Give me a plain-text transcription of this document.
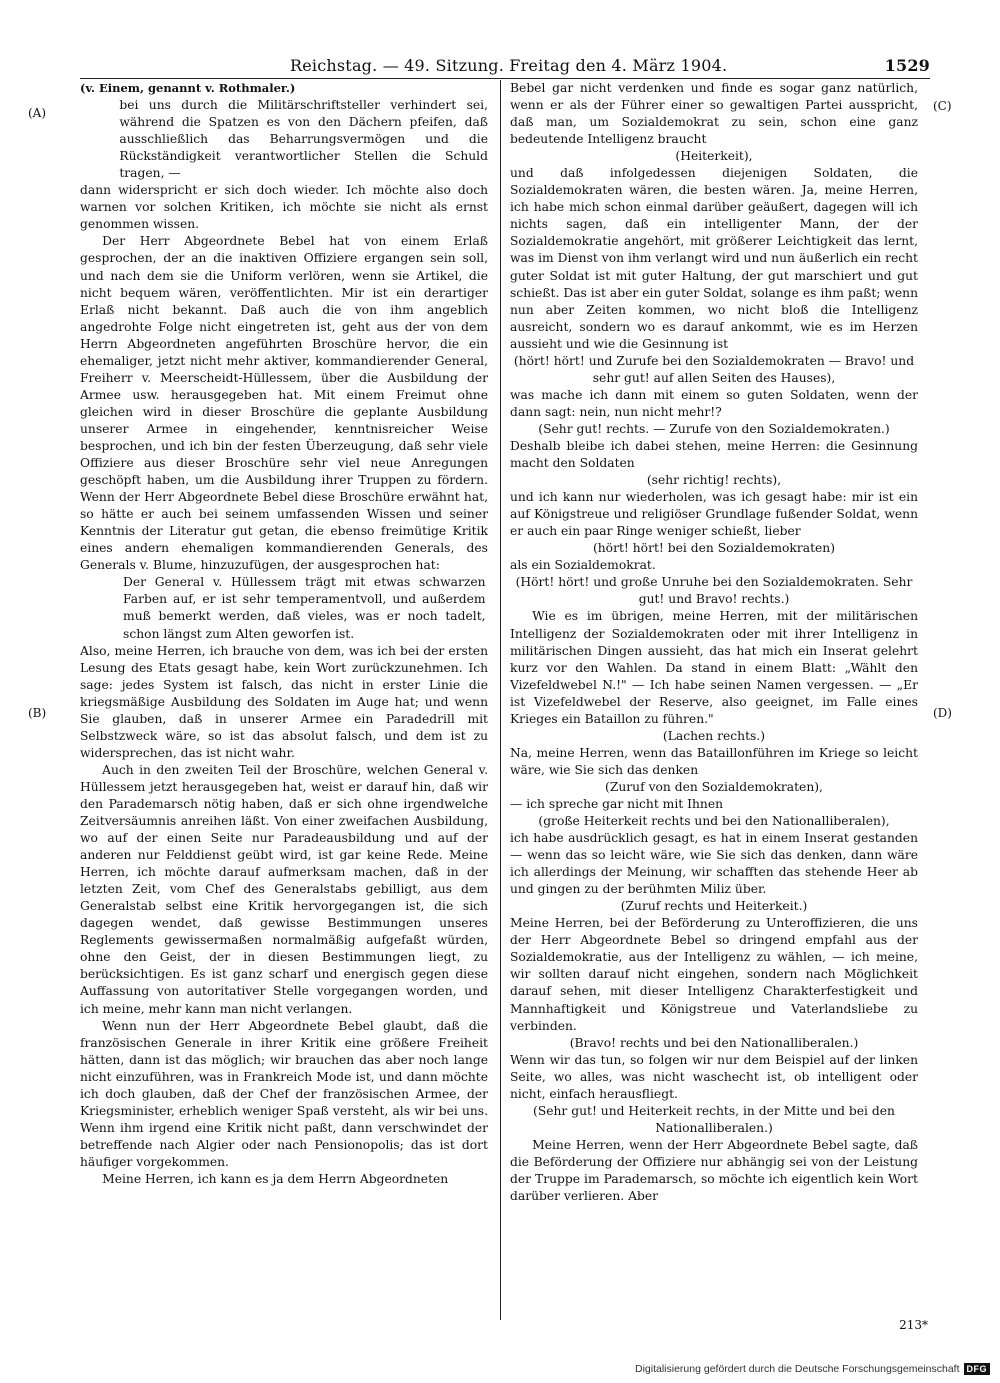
Reichstag. — 49. Sitzung. Freitag den 4. März 1904.	1529
(A)
(B)
(C)
(D)

(v. Einem, genannt v. Rothmaler.)

bei uns durch die Militärschriftsteller verhindert sei, während die Spatzen es von den Dächern pfeifen, daß ausschließlich das Beharrungsvermögen und die Rückständigkeit verantwortlicher Stellen die Schuld tragen, —

dann widerspricht er sich doch wieder. Ich möchte also doch warnen vor solchen Kritiken, ich möchte sie nicht als ernst genommen wissen.

Der Herr Abgeordnete Bebel hat von einem Erlaß gesprochen, der an die inaktiven Offiziere ergangen sein soll, und nach dem sie die Uniform verlören, wenn sie Artikel, die nicht bequem wären, veröffentlichten. Mir ist ein derartiger Erlaß nicht bekannt. Daß auch die von ihm angeblich angedrohte Folge nicht eingetreten ist, geht aus der von dem Herrn Abgeordneten angeführten Broschüre hervor, die ein ehemaliger, jetzt nicht mehr aktiver, kommandierender General, Freiherr v. Meerscheidt-Hüllessem, über die Ausbildung der Armee usw. herausgegeben hat. Mit einem Freimut ohne gleichen wird in dieser Broschüre die geplante Ausbildung unserer Armee in eingehender, kenntnisreicher Weise besprochen, und ich bin der festen Überzeugung, daß sehr viele Offiziere aus dieser Broschüre sehr viel neue Anregungen geschöpft haben, um die Ausbildung ihrer Truppen zu fördern. Wenn der Herr Abgeordnete Bebel diese Broschüre erwähnt hat, so hätte er auch bei seinem umfassenden Wissen und seiner Kenntnis der Literatur gut getan, die ebenso freimütige Kritik eines andern ehemaligen kommandierenden Generals, des Generals v. Blume, hinzuzufügen, der ausgesprochen hat:

Der General v. Hüllessem trägt mit etwas schwarzen Farben auf, er ist sehr temperamentvoll, und außerdem muß bemerkt werden, daß vieles, was er noch tadelt, schon längst zum Alten geworfen ist.

Also, meine Herren, ich brauche von dem, was ich bei der ersten Lesung des Etats gesagt habe, kein Wort zurückzunehmen. Ich sage: jedes System ist falsch, das nicht in erster Linie die kriegsmäßige Ausbildung des Soldaten im Auge hat; und wenn Sie glauben, daß in unserer Armee ein Paradedrill mit Selbstzweck wäre, so ist das absolut falsch, und dem ist zu widersprechen, das ist nicht wahr.

Auch in den zweiten Teil der Broschüre, welchen General v. Hüllessem jetzt herausgegeben hat, weist er darauf hin, daß wir den Parademarsch nötig haben, daß er sich ohne irgendwelche Zeitversäumnis anreihen läßt. Von einer zweifachen Ausbildung, wo auf der einen Seite nur Paradeausbildung und auf der anderen nur Felddienst geübt wird, ist gar keine Rede. Meine Herren, ich möchte darauf aufmerksam machen, daß in der letzten Zeit, vom Chef des Generalstabs gebilligt, aus dem Generalstab selbst eine Kritik hervorgegangen ist, die sich dagegen wendet, daß gewisse Bestimmungen unseres Reglements gewissermaßen normalmäßig aufgefaßt würden, ohne den Geist, der in diesen Bestimmungen liegt, zu berücksichtigen. Es ist ganz scharf und energisch gegen diese Auffassung von autoritativer Stelle vorgegangen worden, und ich meine, mehr kann man nicht verlangen.

Wenn nun der Herr Abgeordnete Bebel glaubt, daß die französischen Generale in ihrer Kritik eine größere Freiheit hätten, dann ist das möglich; wir brauchen das aber noch lange nicht einzuführen, was in Frankreich Mode ist, und dann möchte ich doch glauben, daß der Chef der französischen Armee, der Kriegsminister, erheblich weniger Spaß versteht, als wir bei uns. Wenn ihm irgend eine Kritik nicht paßt, dann verschwindet der betreffende nach Algier oder nach Pensionopolis; das ist dort häufiger vorgekommen.

Meine Herren, ich kann es ja dem Herrn Abgeordneten

Bebel gar nicht verdenken und finde es sogar ganz natürlich, wenn er als der Führer einer so gewaltigen Partei ausspricht, daß man, um Sozialdemokrat zu sein, schon eine ganz bedeutende Intelligenz braucht

(Heiterkeit),

und daß infolgedessen diejenigen Soldaten, die Sozialdemokraten wären, die besten wären. Ja, meine Herren, ich habe mich schon einmal darüber geäußert, dagegen will ich nichts sagen, daß ein intelligenter Mann, der der Sozialdemokratie angehört, mit größerer Leichtigkeit das lernt, was im Dienst von ihm verlangt wird und nun äußerlich ein recht guter Soldat ist mit guter Haltung, der gut marschiert und gut schießt. Das ist aber ein guter Soldat, solange es ihm paßt; wenn nun aber Zeiten kommen, wo nicht bloß die Intelligenz ausreicht, sondern wo es darauf ankommt, wie es im Herzen aussieht und wie die Gesinnung ist

(hört! hört! und Zurufe bei den Sozialdemokraten — Bravo! und sehr gut! auf allen Seiten des Hauses),

was mache ich dann mit einem so guten Soldaten, wenn der dann sagt: nein, nun nicht mehr!?

(Sehr gut! rechts. — Zurufe von den Sozialdemokraten.)

Deshalb bleibe ich dabei stehen, meine Herren: die Gesinnung macht den Soldaten

(sehr richtig! rechts),

und ich kann nur wiederholen, was ich gesagt habe: mir ist ein auf Königstreue und religiöser Grundlage fußender Soldat, wenn er auch ein paar Ringe weniger schießt, lieber

(hört! hört! bei den Sozialdemokraten)

als ein Sozialdemokrat.

(Hört! hört! und große Unruhe bei den Sozialdemokraten. Sehr gut! und Bravo! rechts.)

Wie es im übrigen, meine Herren, mit der militärischen Intelligenz der Sozialdemokraten oder mit ihrer Intelligenz in militärischen Dingen aussieht, das hat mich ein Inserat gelehrt kurz vor den Wahlen. Da stand in einem Blatt: „Wählt den Vizefeldwebel N.!" — Ich habe seinen Namen vergessen. — „Er ist Vizefeldwebel der Reserve, also geeignet, im Falle eines Krieges ein Bataillon zu führen."

(Lachen rechts.)

Na, meine Herren, wenn das Bataillonführen im Kriege so leicht wäre, wie Sie sich das denken

(Zuruf von den Sozialdemokraten),

— ich spreche gar nicht mit Ihnen

(große Heiterkeit rechts und bei den Nationalliberalen),

ich habe ausdrücklich gesagt, es hat in einem Inserat gestanden — wenn das so leicht wäre, wie Sie sich das denken, dann wäre ich allerdings der Meinung, wir schafften das stehende Heer ab und gingen zu der berühmten Miliz über.

(Zuruf rechts und Heiterkeit.)

Meine Herren, bei der Beförderung zu Unteroffizieren, die uns der Herr Abgeordnete Bebel so dringend empfahl aus der Sozialdemokratie, aus der Intelligenz zu wählen, — ich meine, wir sollten darauf nicht eingehen, sondern nach Möglichkeit darauf sehen, mit dieser Intelligenz Charakterfestigkeit und Mannhaftigkeit und Königstreue und Vaterlandsliebe zu verbinden.

(Bravo! rechts und bei den Nationalliberalen.)

Wenn wir das tun, so folgen wir nur dem Beispiel auf der linken Seite, wo alles, was nicht waschecht ist, ob intelligent oder nicht, einfach herausfliegt.

(Sehr gut! und Heiterkeit rechts, in der Mitte und bei den Nationalliberalen.)

Meine Herren, wenn der Herr Abgeordnete Bebel sagte, daß die Beförderung der Offiziere nur abhängig sei von der Leistung der Truppe im Parademarsch, so möchte ich eigentlich kein Wort darüber verlieren. Aber

213*
Digitalisierung gefördert durch die Deutsche Forschungsgemeinschaft DFG
